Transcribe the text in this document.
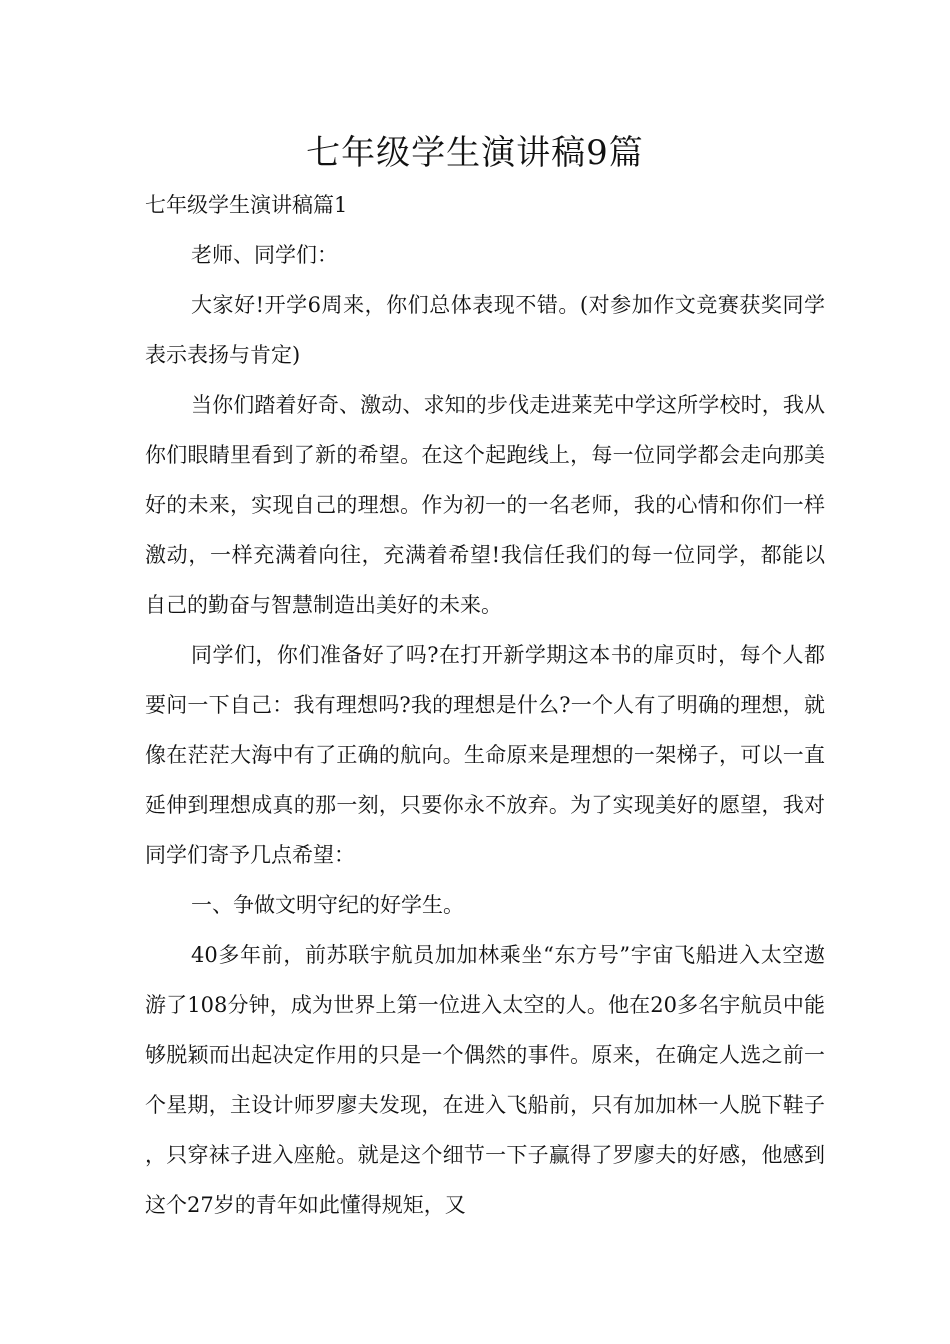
七年级学生演讲稿9篇

七年级学生演讲稿篇1

老师、同学们：

大家好!开学6周来，你们总体表现不错。(对参加作文竞赛获奖同学表示表扬与肯定)

当你们踏着好奇、激动、求知的步伐走进莱芜中学这所学校时，我从你们眼睛里看到了新的希望。在这个起跑线上，每一位同学都会走向那美好的未来，实现自己的理想。作为初一的一名老师，我的心情和你们一样激动，一样充满着向往，充满着希望!我信任我们的每一位同学，都能以自己的勤奋与智慧制造出美好的未来。

同学们，你们准备好了吗?在打开新学期这本书的扉页时，每个人都要问一下自己：我有理想吗?我的理想是什么?一个人有了明确的理想，就像在茫茫大海中有了正确的航向。生命原来是理想的一架梯子，可以一直延伸到理想成真的那一刻，只要你永不放弃。为了实现美好的愿望，我对同学们寄予几点希望：

一、争做文明守纪的好学生。

40多年前，前苏联宇航员加加林乘坐“东方号”宇宙飞船进入太空遨游了108分钟，成为世界上第一位进入太空的人。他在20多名宇航员中能够脱颖而出起决定作用的只是一个偶然的事件。原来，在确定人选之前一个星期，主设计师罗廖夫发现，在进入飞船前，只有加加林一人脱下鞋子，只穿袜子进入座舱。就是这个细节一下子赢得了罗廖夫的好感，他感到这个27岁的青年如此懂得规矩，又
